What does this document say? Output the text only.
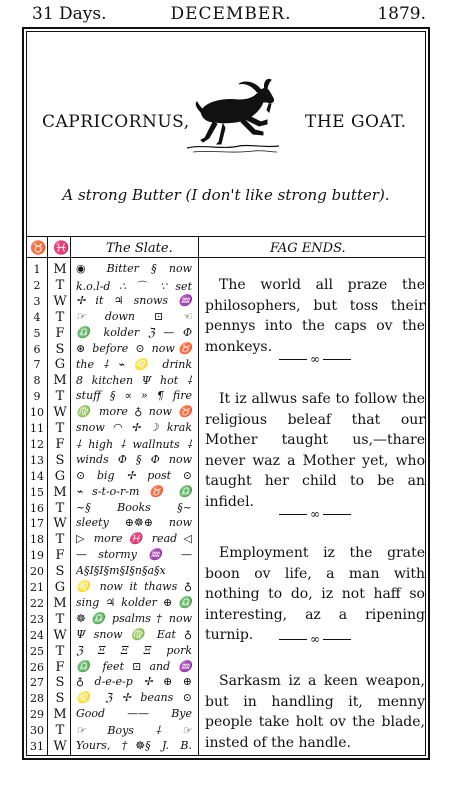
31 Days.	DECEMBER.	1879.
CAPRICORNUS,	THE GOAT.
A strong Butter (I don't like strong butter).
♉ ♓	The Slate.	FAG ENDS.
1 M ◉ Bitter § now
2	T	k.o.l-d ∴ ⌒ ∵ set
3 W ✢ it ♃ snows ♒
4	T	☞ down ⊡ ☜
5	F	♎ kolder ℨ — Φ
6	S	⊛ before ⊙ now♉
7	G the ⸸ ⌁ ♌ drink
8 M 8 kitchen Ψ hot ⸸
9	T	stuff § ∝ » ¶ fire
10 W ♍ more ♁ now ♉
11 T	snow ◠ ✢ ☽ krak
12 F	⸸ high ⸸ wallnuts ⸸
13 S	winds Φ § Φ now
14 G ⊙ big ✢ post ⊙
15 M ⌁ s-t-o-r-m ♉ ♎
16 T	~§ Books §~
17 W sleety ⊕☸⊕ now
18 T	▷ more ♓ read ◁
19 F	— stormy ♒ —
20 S	A§I§I§m§I§n§a§x
21 G ♌ now it thaws ♁
22 M sing ♃ kolder ⊕ ♎
23 T	☸ ♎ psalms † now
24 W Ψ snow ♍ Eat ♁
25 T	ℨ Ξ Ξ Ξ pork
26 F	♎ feet ⊡ and ♒
27 S	♁ d-e-e-p ✢ ⊕ ⊕
28 S	♌ ℨ ✢ beans ⊙
29 M Good —— Bye
30 T	☞ Boys ⸸ ☞
31 W Yours, †☸§ J. B.

The world all praze the philosophers, but toss their pennys into the caps ov the monkeys.

∞

It iz allwus safe to follow the religious beleaf that our Mother taught us,—thare never waz a Mother yet, who taught her child to be an infidel.

∞

Employment iz the grate boon ov life, a man with nothing to do, iz not haff so interesting, az a ripening turnip.	∞

Sarkasm iz a keen weapon, but in handling it, menny people take holt ov the blade, insted of the handle.
